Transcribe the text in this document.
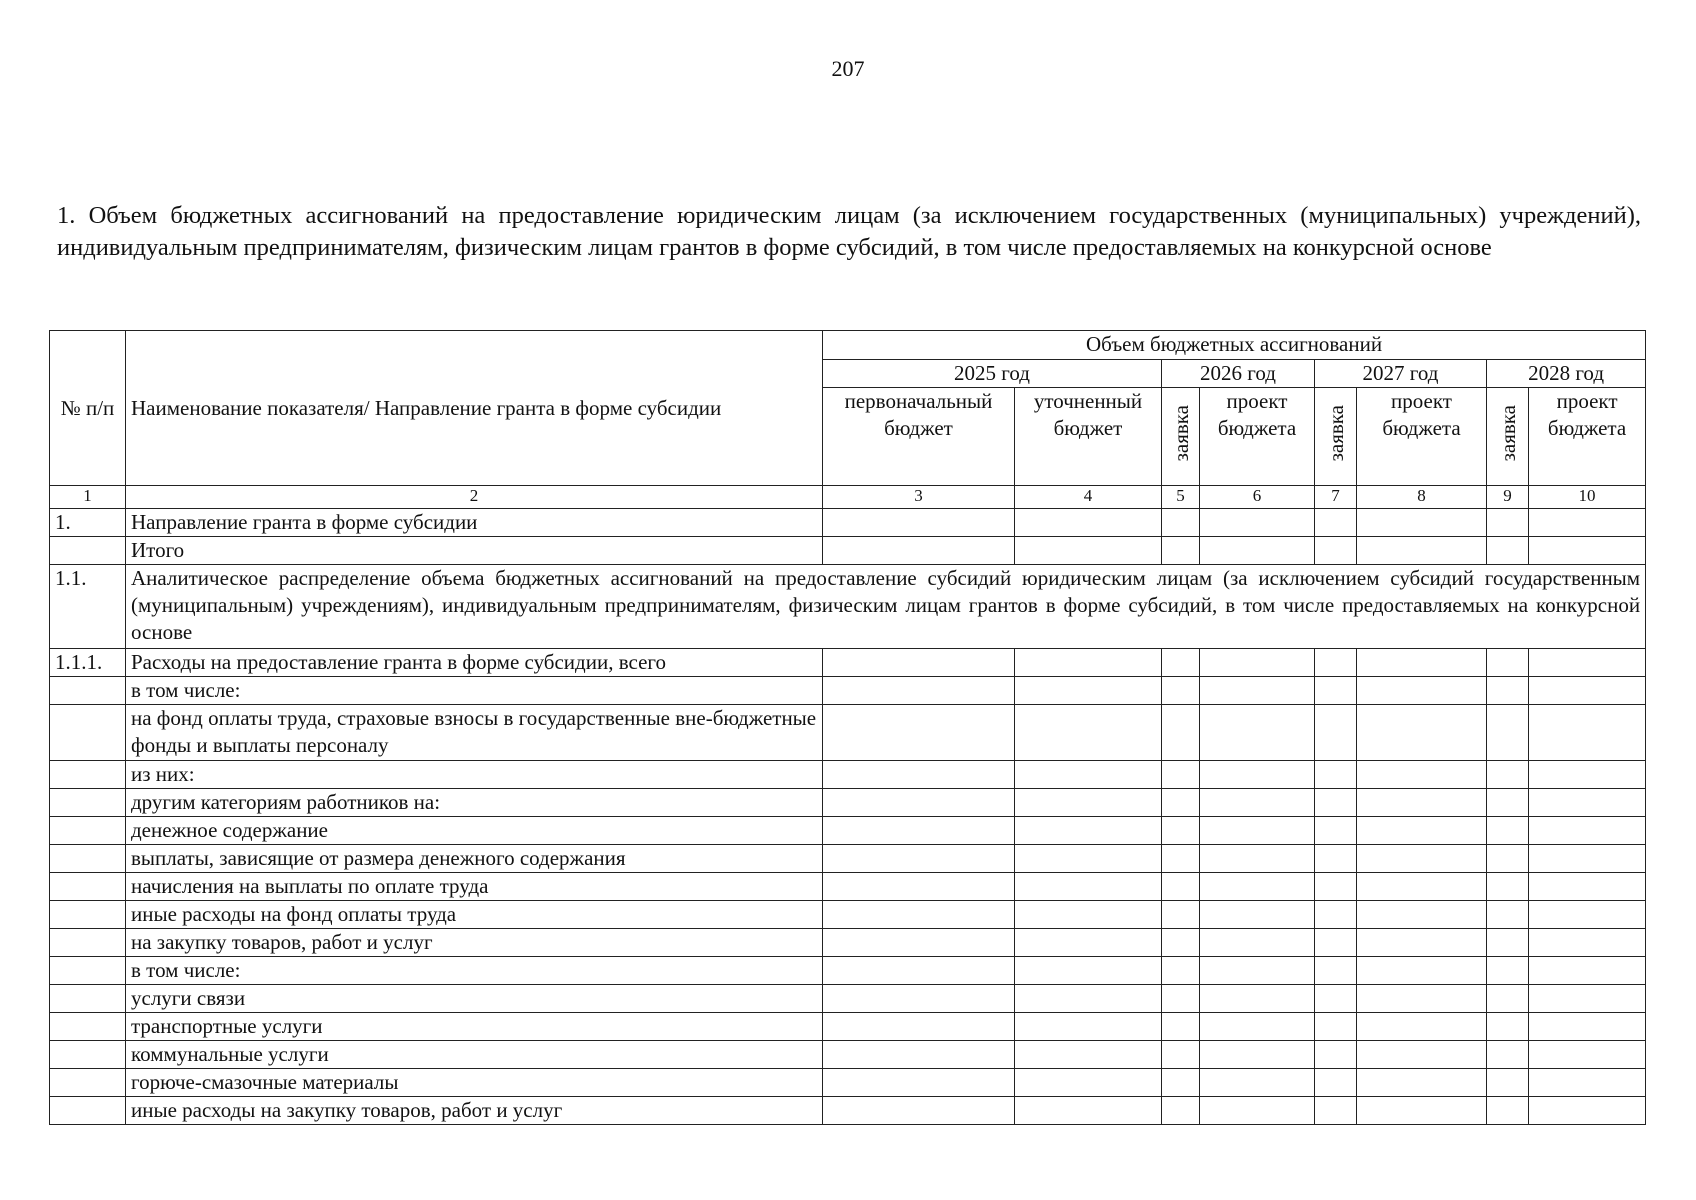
207

1. Объем бюджетных ассигнований на предоставление юридическим лицам (за исключением государственных (муниципальных) учреждений), индивидуальным предпринимателям, физическим лицам грантов в форме субсидий, в том числе предоставляемых на конкурсной основе

№ п/п	Наименование показателя/ Направление гранта в форме субсидии	Объем бюджетных ассигнований							
		2025 год		2026 год		2027 год		2028 год	
		первоначальный бюджет	уточненный бюджет	заявка	проект бюджета	заявка	проект бюджета	заявка	проект бюджета
1	2	3	4	5	6	7	8	9	10
1.	Направление гранта в форме субсидии								
	Итого								
1.1.	Аналитическое распределение объема бюджетных ассигнований на предоставление субсидий юридическим лицам (за исключением субсидий государственным (муниципальным) учреждениям), индивидуальным предпринимателям, физическим лицам грантов в форме субсидий, в том числе предоставляемых на конкурсной основе								
1.1.1.	Расходы на предоставление гранта в форме субсидии, всего								
	в том числе:								
	на фонд оплаты труда, страховые взносы в государственные вне-бюджетные фонды и выплаты персоналу								
	из них:								
	другим категориям работников на:								
	денежное содержание								
	выплаты, зависящие от размера денежного содержания								
	начисления на выплаты по оплате труда								
	иные расходы на фонд оплаты труда								
	на закупку товаров, работ и услуг								
	в том числе:								
	услуги связи								
	транспортные услуги								
	коммунальные услуги								
	горюче-смазочные материалы								
	иные расходы на закупку товаров, работ и услуг								
